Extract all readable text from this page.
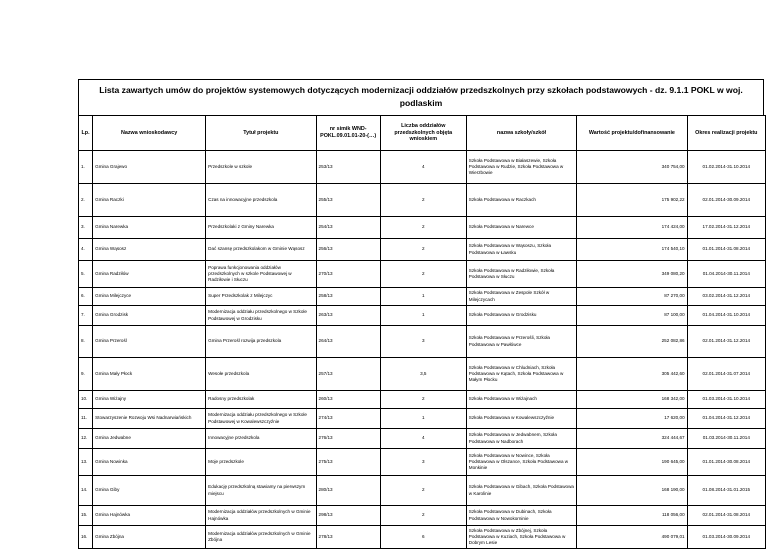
Lista zawartych umów do projektów systemowych dotyczących modernizacji oddziałów przedszkolnych przy szkołach podstawowych - dz. 9.1.1 POKL w woj. podlaskim
Lp.	Nazwa wnioskodawcy	Tytuł projektu	nr simik WND-POKL.09.01.01-20-(…)	Liczba oddziałów przedszkolnych objęta wnioskiem	nazwa szkoły/szkół	Wartość projektu/dofinansowanie	Okres realizacji projektu
1.	Gmina Grajewo	Przedszkole w szkole	253/13	4	Szkoła Podstawowa w Białaszewie, Szkoła Podstawowa w Rudzie, Szkoła Podstawowa w Wierzbowie	340 754,00	01.02.2014-31.10.2014
2.	Gmina Raczki	Czas na innowacyjne przedszkola	255/13	2	Szkoła Podstawowa w Raczkach	175 902,22	02.01.2014-30.09.2014
3.	Gmina Narewka	Przedszkolaki z Gminy Narewka	254/13	2	Szkoła Podstawowa w Narewce	174 424,00	17.02.2014-31.12.2014
4.	Gmina Wąsosz	Dać szansę przedszkolakom w Gminie Wąsosz	256/13	2	Szkoła Podstawowa w Wąsoszu, Szkoła Podstawowa w Ławsku	174 540,10	01.01.2014-31.08.2014
5.	Gmina Radziłów	Poprawa funkcjonowania oddziałów przedszkolnych w szkole Podstawowej w Radziłowie i Słuczu	270/13	2	Szkoła Podstawowa w Radziłowie, Szkoła Podstawowa w Słuczu	349 080,20	01.04.2014-30.11.2014
6.	Gmina Milejczyce	Super Przedszkolak z Milejczyc	258/13	1	Szkoła Podstawowa w Zespole Szkół w Milejczycach	87 270,00	03.02.2014-31.12.2014
7.	Gmina Grodzisk	Modernizacja oddziału przedszkolnego w Szkole Podstawowej w Grodzisku	263/13	1	Szkoła Podstawowa w Grodzisku	87 100,00	01.04.2014-31.10.2014
8.	Gmina Przerośl	Gmina Przerośl rozwija przedszkola	264/13	3	Szkoła Podstawowa w Przerośli, Szkoła Podstawowa w Pawłówce	252 082,86	02.01.2014-31.12.2014
9.	Gmina Mały Płock	Wesołe przedszkola	257/13	3,5	Szkoła Podstawowa w Chludniach, Szkoła Podstawowa w Kątach, Szkoła Podstawowa w Małym Płocku	305 442,60	02.01.2014-31.07.2014
10.	Gmina Wiżajny	Radosny przedszkolak	260/13	2	Szkoła Podstawowa w Wiżajnach	168 342,00	01.03.2014-31.10.2014
11.	Stowarzyszenie Rozwoju Wsi Nadnarwiańskich	Modernizacja oddziału przedszkolnego w Szkole Podstawowej w Kowalewszczyźnie	274/13	1	Szkoła Podstawowa w Kowalewszczyźnie	17 620,00	01.04.2014-31.12.2014
12.	Gmina Jedwabne	Innowacyjne przedszkola	276/13	4	Szkoła Podstawowa w Jedwabnem, Szkoła Podstawowa w Nadborach	324 444,67	01.03.2014-30.11.2014
13.	Gmina Nowinka	Moje przedszkole	275/13	3	Szkoła Podstawowa w Nowince, Szkoła Podstawowa w Olszance, Szkoła Podstawowa w Monkinie	190 645,00	01.01.2014-30.08.2014
14.	Gmina Giby	Edukację przedszkolną stawiamy na pierwszym miejscu	280/13	2	Szkoła Podstawowa w Gibach, Szkoła Podstawowa w Karolinie	168 190,00	01.08.2014-31.01.2015
15.	Gmina Hajnówka	Modernizacja oddziałów przedszkolnych w Gminie Hajnówka	298/13	2	Szkoła Podstawowa w Dubinach, Szkoła Podstawowa w Nowokorninie	118 056,00	02.01.2014-31.08.2014
16.	Gmina Zbójna	Modernizacja oddziałów przedszkolnych w Gminie Zbójna	278/13	6	Szkoła Podstawowa w Zbójnej, Szkoła Podstawowa w Kuziach, Szkoła Podstawowa w Dobrym Lesie	490 079,01	01.03.2014-30.09.2014
